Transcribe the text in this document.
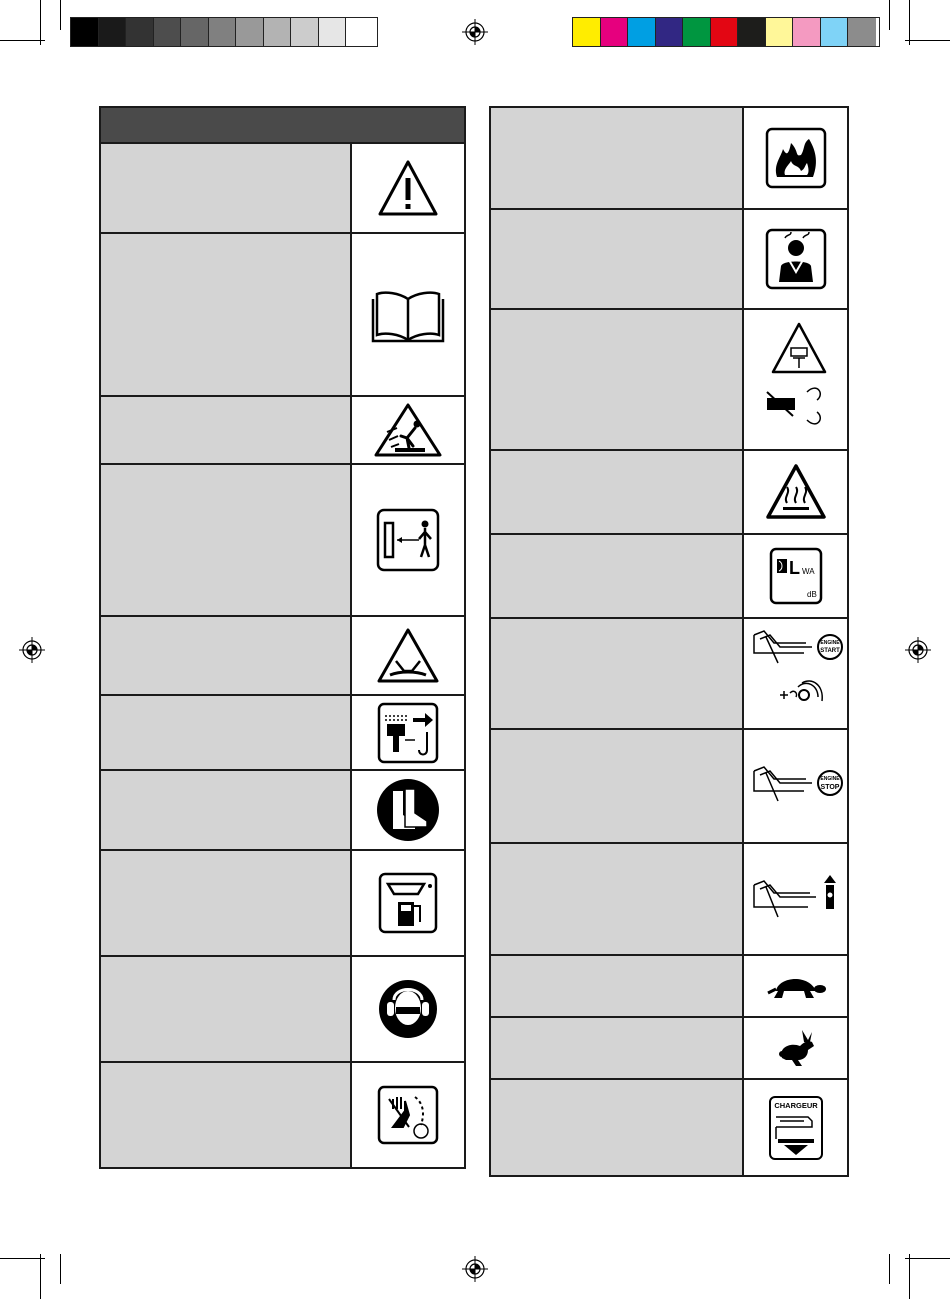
L WA
dB

ENGINE
START

ENGINE
STOP

CHARGEUR
